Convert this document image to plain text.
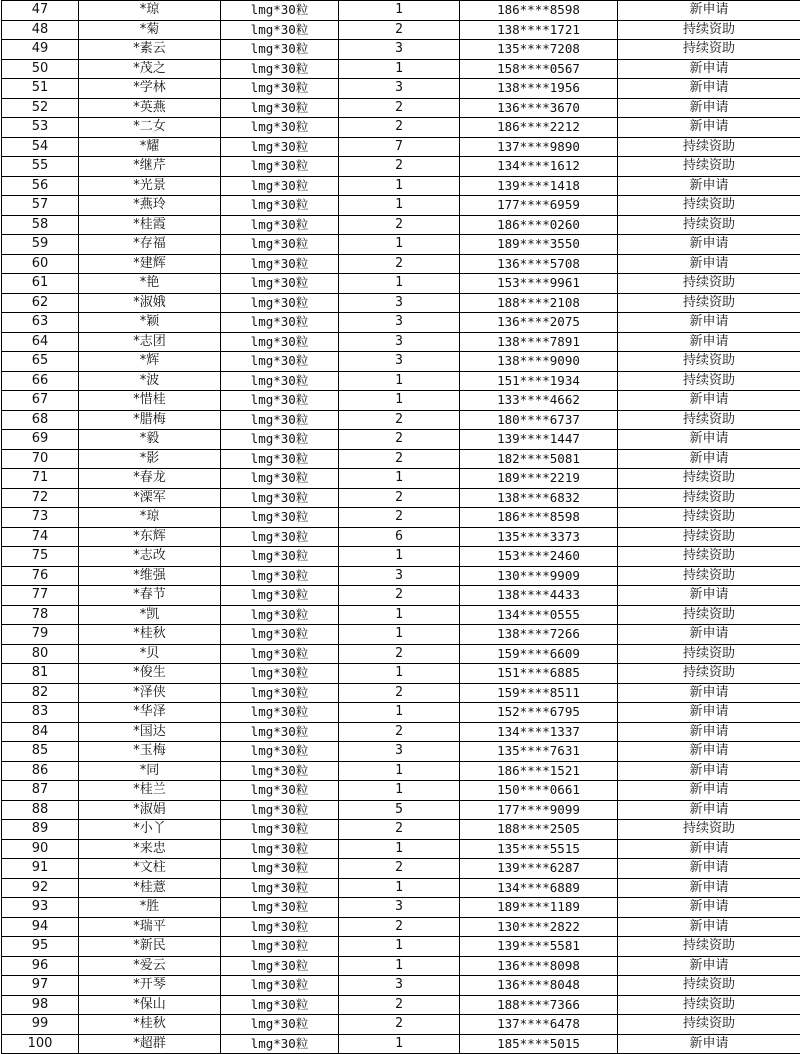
47	*琼	lmg*30粒	1	186****8598	新申请
48	*菊	lmg*30粒	2	138****1721	持续资助
49	*素云	lmg*30粒	3	135****7208	持续资助
50	*茂之	lmg*30粒	1	158****0567	新申请
51	*学林	lmg*30粒	3	138****1956	新申请
52	*英燕	lmg*30粒	2	136****3670	新申请
53	*二女	lmg*30粒	2	186****2212	新申请
54	*耀	lmg*30粒	7	137****9890	持续资助
55	*继芹	lmg*30粒	2	134****1612	持续资助
56	*光景	lmg*30粒	1	139****1418	新申请
57	*燕玲	lmg*30粒	1	177****6959	持续资助
58	*桂霞	lmg*30粒	2	186****0260	持续资助
59	*存福	lmg*30粒	1	189****3550	新申请
60	*建辉	lmg*30粒	2	136****5708	新申请
61	*艳	lmg*30粒	1	153****9961	持续资助
62	*淑娥	lmg*30粒	3	188****2108	持续资助
63	*颖	lmg*30粒	3	136****2075	新申请
64	*志团	lmg*30粒	3	138****7891	新申请
65	*辉	lmg*30粒	3	138****9090	持续资助
66	*波	lmg*30粒	1	151****1934	持续资助
67	*惜桂	lmg*30粒	1	133****4662	新申请
68	*腊梅	lmg*30粒	2	180****6737	持续资助
69	*毅	lmg*30粒	2	139****1447	新申请
70	*影	lmg*30粒	2	182****5081	新申请
71	*春龙	lmg*30粒	1	189****2219	持续资助
72	*溧军	lmg*30粒	2	138****6832	持续资助
73	*琼	lmg*30粒	2	186****8598	持续资助
74	*东辉	lmg*30粒	6	135****3373	持续资助
75	*志改	lmg*30粒	1	153****2460	持续资助
76	*维强	lmg*30粒	3	130****9909	持续资助
77	*春节	lmg*30粒	2	138****4433	新申请
78	*凯	lmg*30粒	1	134****0555	持续资助
79	*桂秋	lmg*30粒	1	138****7266	新申请
80	*贝	lmg*30粒	2	159****6609	持续资助
81	*俊生	lmg*30粒	1	151****6885	持续资助
82	*泽侠	lmg*30粒	2	159****8511	新申请
83	*华泽	lmg*30粒	1	152****6795	新申请
84	*国达	lmg*30粒	2	134****1337	新申请
85	*玉梅	lmg*30粒	3	135****7631	新申请
86	*同	lmg*30粒	1	186****1521	新申请
87	*桂兰	lmg*30粒	1	150****0661	新申请
88	*淑娟	lmg*30粒	5	177****9099	新申请
89	*小丫	lmg*30粒	2	188****2505	持续资助
90	*来忠	lmg*30粒	1	135****5515	新申请
91	*文柱	lmg*30粒	2	139****6287	新申请
92	*桂薏	lmg*30粒	1	134****6889	新申请
93	*胜	lmg*30粒	3	189****1189	新申请
94	*瑞平	lmg*30粒	2	130****2822	新申请
95	*新民	lmg*30粒	1	139****5581	持续资助
96	*爱云	lmg*30粒	1	136****8098	新申请
97	*开琴	lmg*30粒	3	136****8048	持续资助
98	*保山	lmg*30粒	2	188****7366	持续资助
99	*桂秋	lmg*30粒	2	137****6478	持续资助
100	*超群	lmg*30粒	1	185****5015	新申请
